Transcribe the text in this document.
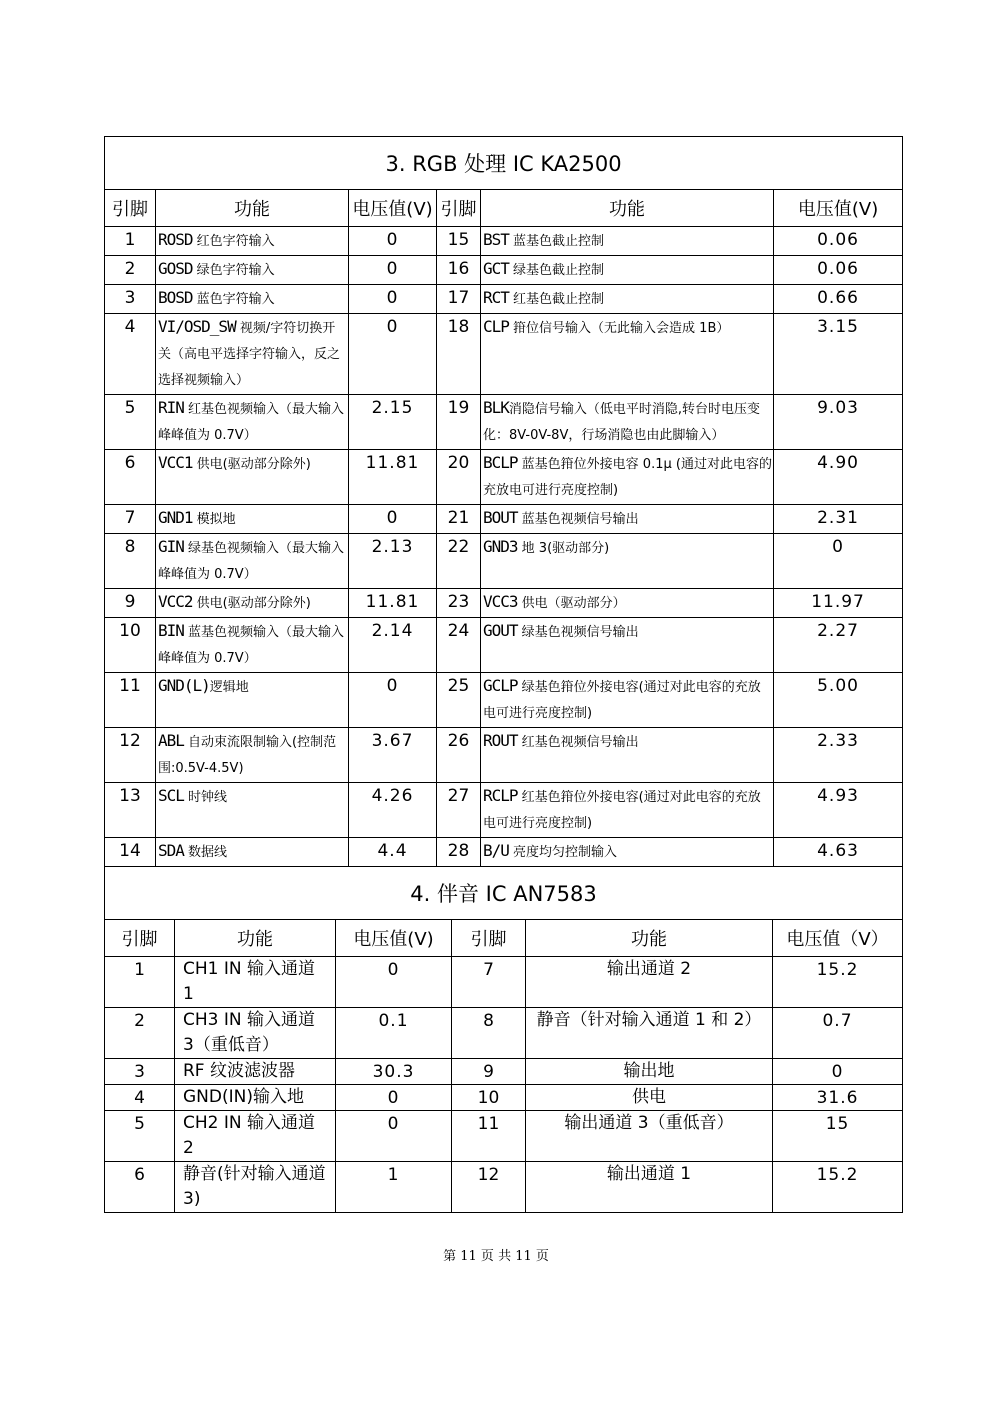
3. RGB 处理 IC KA2500					
引脚	功能	电压值(V)	引脚	功能	电压值(V)
1	ROSD 红色字符输入	0	15	BST 蓝基色截止控制	0.06
2	GOSD 绿色字符输入	0	16	GCT 绿基色截止控制	0.06
3	BOSD 蓝色字符输入	0	17	RCT 红基色截止控制	0.66
4	VI/OSD_SW 视频/字符切换开关（高电平选择字符输入，反之选择视频输入）	0	18	CLP 箝位信号输入（无此输入会造成 1B）	3.15
5	RIN 红基色视频输入（最大输入峰峰值为 0.7V）	2.15	19	BLK消隐信号输入（低电平时消隐,转台时电压变化：8V-0V-8V，行场消隐也由此脚输入）	9.03
6	VCC1 供电(驱动部分除外)	11.81	20	BCLP 蓝基色箝位外接电容 0.1μ (通过对此电容的充放电可进行亮度控制)	4.90
7	GND1 模拟地	0	21	BOUT 蓝基色视频信号输出	2.31
8	GIN 绿基色视频输入（最大输入峰峰值为 0.7V）	2.13	22	GND3 地 3(驱动部分)	0
9	VCC2 供电(驱动部分除外)	11.81	23	VCC3 供电（驱动部分）	11.97
10	BIN 蓝基色视频输入（最大输入峰峰值为 0.7V）	2.14	24	GOUT 绿基色视频信号输出	2.27
11	GND(L)逻辑地	0	25	GCLP 绿基色箝位外接电容(通过对此电容的充放电可进行亮度控制)	5.00
12	ABL 自动束流限制输入(控制范围:0.5V-4.5V)	3.67	26	ROUT 红基色视频信号输出	2.33
13	SCL 时钟线	4.26	27	RCLP 红基色箝位外接电容(通过对此电容的充放电可进行亮度控制)	4.93
14	SDA 数据线	4.4	28	B/U 亮度均匀控制输入	4.63
4. 伴音 IC AN7583					
引脚	功能	电压值(V)	引脚	功能	电压值（V）
1	CH1 IN 输入通道 1	0	7	输出通道 2	15.2
2	CH3 IN 输入通道 3（重低音）	0.1	8	静音（针对输入通道 1 和 2）	0.7
3	RF 纹波滤波器	30.3	9	输出地	0
4	GND(IN)输入地	0	10	供电	31.6
5	CH2 IN 输入通道 2	0	11	输出通道 3（重低音）	15
6	静音(针对输入通道3)	1	12	输出通道 1	15.2
第 11 页 共 11 页
